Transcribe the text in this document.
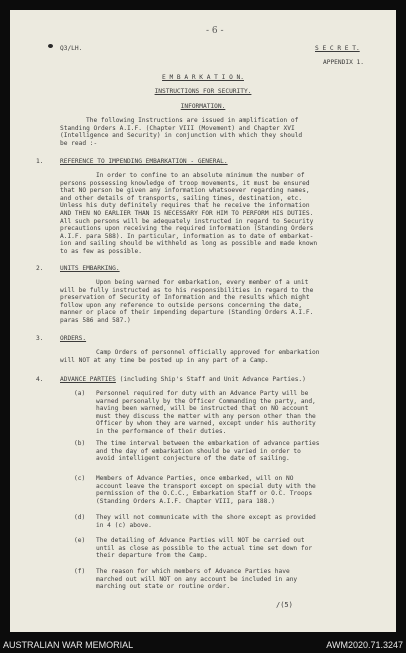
- 6 -
Q3/LH.	S E C R E T.
APPENDIX 1.
E M B A R K A T I O N.
INSTRUCTIONS FOR SECURITY.
INFORMATION.
The following Instructions are issued in amplification of
Standing Orders A.I.F. (Chapter VIII (Movement) and Chapter XVI
(Intelligence and Security) in conjunction with which they should
be read :-
1.	REFERENCE TO IMPENDING EMBARKATION - GENERAL.
In order to confine to an absolute minimum the number of
persons possessing knowledge of troop movements, it must be ensured
that NO person be given any information whatsoever regarding names,
and other details of transports, sailing times, destination, etc.
Unless his duty definitely requires that he receive the information
AND THEN NO EARLIER THAN IS NECESSARY FOR HIM TO PERFORM HIS DUTIES.
All such persons will be adequately instructed in regard to Security
precautions upon receiving the required information (Standing Orders
A.I.F. para 588). In particular, information as to date of embarkat-
ion and sailing should be withheld as long as possible and made known
to as few as possible.
2.	UNITS EMBARKING.
Upon being warned for embarkation, every member of a unit
will be fully instructed as to his responsibilities in regard to the
preservation of Security of Information and the results which might
follow upon any reference to outside persons concerning the date,
manner or place of their impending departure (Standing Orders A.I.F.
paras 586 and 587.)
3.	ORDERS.
Camp Orders of personnel officially approved for embarkation
will NOT at any time be posted up in any part of a Camp.
4.	ADVANCE PARTIES (including Ship's Staff and Unit Advance Parties.)
(a) Personnel required for duty with an Advance Party will be
warned personally by the Officer Commanding the party, and,
having been warned, will be instructed that on NO account
must they discuss the matter with any person other than the
Officer by whom they are warned, except under his authority
in the performance of their duties.
(b) The time interval between the embarkation of advance parties
and the day of embarkation should be varied in order to
avoid intelligent conjecture of the date of sailing.
(c) Members of Advance Parties, once embarked, will on NO
account leave the transport except on special duty with the
permission of the O.C.C., Embarkation Staff or O.C. Troops
(Standing Orders A.I.F. Chapter VIII, para 188.)
(d) They will not communicate with the shore except as provided
in 4 (c) above.
(e) The detailing of Advance Parties will NOT be carried out
until as close as possible to the actual time set down for
their departure from the Camp.
(f) The reason for which members of Advance Parties have
marched out will NOT on any account be included in any
marching out state or routine order.
/(5)
AUSTRALIAN WAR MEMORIAL	AWM2020.71.3247
